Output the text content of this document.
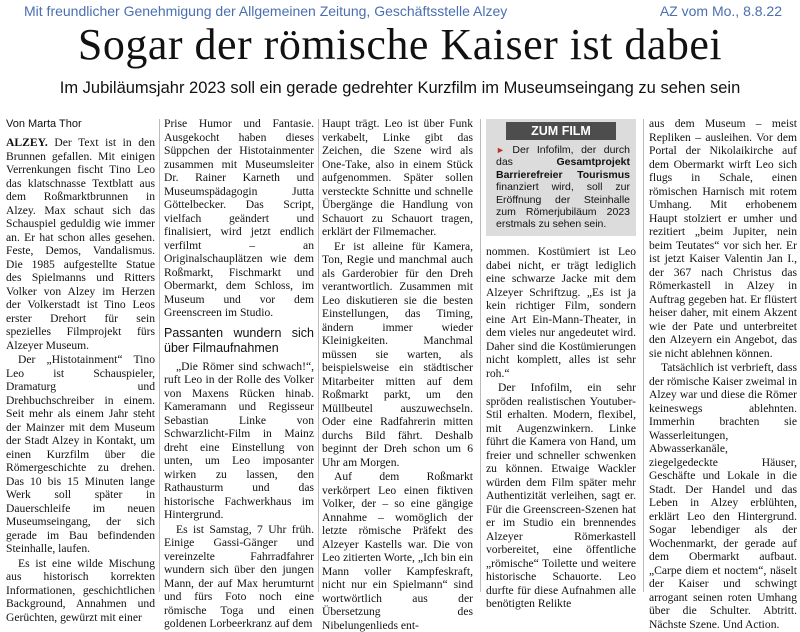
Mit freundlicher Genehmigung der Allgemeinen Zeitung, Geschäftsstelle Alzey	AZ vom Mo., 8.8.22
Sogar der römische Kaiser ist dabei
Im Jubiläumsjahr 2023 soll ein gerade gedrehter Kurzfilm im Museumseingang zu sehen sein
Von Marta Thor

ALZEY. Der Text ist in den Brunnen gefallen. Mit einigen Verrenkungen fischt Tino Leo das klatschnasse Textblatt aus dem Roßmarktbrunnen in Alzey. Max schaut sich das Schauspiel geduldig wie immer an. Er hat schon alles gesehen. Feste, Demos, Vandalismus. Die 1985 aufgestellte Statue des Spielmanns und Ritters Volker von Alzey im Herzen der Volkerstadt ist Tino Leos erster Drehort für sein spezielles Filmprojekt fürs Alzeyer Museum.

Der „Histotainment“ Tino Leo ist Schauspieler, Dramaturg und Drehbuchschreiber in einem. Seit mehr als einem Jahr steht der Mainzer mit dem Museum der Stadt Alzey in Kontakt, um einen Kurzfilm über die Römergeschichte zu drehen. Das 10 bis 15 Minuten lange Werk soll später in Dauerschleife im neuen Museumseingang, der sich gerade im Bau befindenden Steinhalle, laufen.

Es ist eine wilde Mischung aus historisch korrekten Informationen, geschichtlichen Background, Annahmen und Gerüchten, gewürzt mit einer

Prise Humor und Fantasie. Ausgekocht haben dieses Süppchen der Histotainmenter zusammen mit Museumsleiter Dr. Rainer Karneth und Museumspädagogin Jutta Göttelbecker. Das Script, vielfach geändert und finalisiert, wird jetzt endlich verfilmt – an Originalschauplätzen wie dem Roßmarkt, Fischmarkt und Obermarkt, dem Schloss, im Museum und vor dem Greenscreen im Studio.

Passanten wundern sich über Filmaufnahmen

„Die Römer sind schwach!“, ruft Leo in der Rolle des Volker von Maxens Rücken hinab. Kameramann und Regisseur Sebastian Linke von Schwarzlicht-Film in Mainz dreht eine Einstellung von unten, um Leo imposanter wirken zu lassen, den Rathausturm und das historische Fachwerkhaus im Hintergrund.

Es ist Samstag, 7 Uhr früh. Einige Gassi-Gänger und vereinzelte Fahrradfahrer wundern sich über den jungen Mann, der auf Max herumturnt und fürs Foto noch eine römische Toga und einen goldenen Lorbeerkranz auf dem

Haupt trägt. Leo ist über Funk verkabelt, Linke gibt das Zeichen, die Szene wird als One-Take, also in einem Stück aufgenommen. Später sollen versteckte Schnitte und schnelle Übergänge die Handlung von Schauort zu Schauort tragen, erklärt der Filmemacher.

Er ist alleine für Kamera, Ton, Regie und manchmal auch als Garderobier für den Dreh verantwortlich. Zusammen mit Leo diskutieren sie die besten Einstellungen, das Timing, ändern immer wieder Kleinigkeiten. Manchmal müssen sie warten, als beispielsweise ein städtischer Mitarbeiter mitten auf dem Roßmarkt parkt, um den Müllbeutel auszuwechseln. Oder eine Radfahrerin mitten durchs Bild fährt. Deshalb beginnt der Dreh schon um 6 Uhr am Morgen.

Auf dem Roßmarkt verkörpert Leo einen fiktiven Volker, der – so eine gängige Annahme – womöglich der letzte römische Präfekt des Alzeyer Kastells war. Die von Leo zitierten Worte, „Ich bin ein Mann voller Kampfeskraft, nicht nur ein Spielmann“ sind wortwörtlich aus der Übersetzung des Nibelungenlieds ent-

ZUM FILM
► Der Infofilm, der durch das Gesamtprojekt Barrierefreier Tourismus finanziert wird, soll zur Eröffnung der Steinhalle zum Römerjubiläum 2023 erstmals zu sehen sein.

nommen. Kostümiert ist Leo dabei nicht, er trägt lediglich eine schwarze Jacke mit dem Alzeyer Schriftzug. „Es ist ja kein richtiger Film, sondern eine Art Ein-Mann-Theater, in dem vieles nur angedeutet wird. Daher sind die Kostümierungen nicht komplett, alles ist sehr roh.“

Der Infofilm, ein sehr spröden realistischen Youtuber-Stil erhalten. Modern, flexibel, mit Augenzwinkern. Linke führt die Kamera von Hand, um freier und schneller schwenken zu können. Etwaige Wackler würden dem Film später mehr Authentizität verleihen, sagt er. Für die Greenscreen-Szenen hat er im Studio ein brennendes Alzeyer Römerkastell vorbereitet, eine öffentliche „römische“ Toilette und weitere historische Schauorte. Leo durfte für diese Aufnahmen alle benötigten Relikte

aus dem Museum – meist Repliken – ausleihen. Vor dem Portal der Nikolaikirche auf dem Obermarkt wirft Leo sich flugs in Schale, einen römischen Harnisch mit rotem Umhang. Mit erhobenem Haupt stolziert er umher und rezitiert „beim Jupiter, nein beim Teutates“ vor sich her. Er ist jetzt Kaiser Valentin Jan I., der 367 nach Christus das Römerkastell in Alzey in Auftrag gegeben hat. Er flüstert heiser daher, mit einem Akzent wie der Pate und unterbreitet den Alzeyern ein Angebot, das sie nicht ablehnen können.

Tatsächlich ist verbrieft, dass der römische Kaiser zweimal in Alzey war und diese die Römer keineswegs ablehnten. Immerhin brachten sie Wasserleitungen, Abwasserkanäle, ziegelgedeckte Häuser, Geschäfte und Lokale in die Stadt. Der Handel und das Leben in Alzey erblühten, erklärt Leo den Hintergrund. Sogar lebendiger als der Wochenmarkt, der gerade auf dem Obermarkt aufbaut. „Carpe diem et noctem“, näselt der Kaiser und schwingt arrogant seinen roten Umhang über die Schulter. Abtritt. Nächste Szene. Und Action.
